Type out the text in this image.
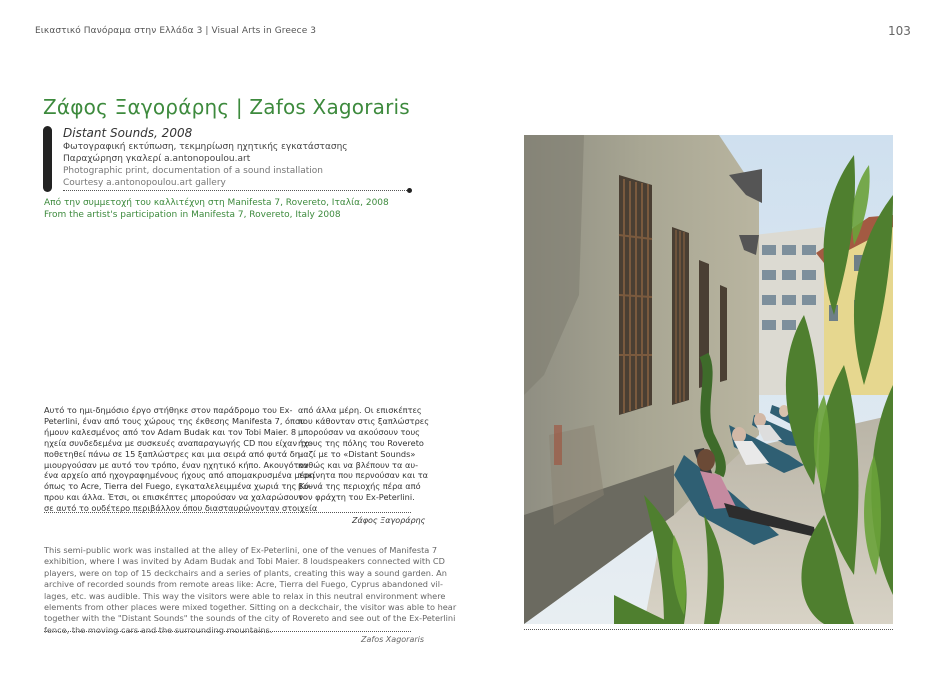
Εικαστικό Πανόραμα στην Ελλάδα 3 | Visual Arts in Greece 3	103
Ζάφος Ξαγοράρης | Zafos Xagoraris
Distant Sounds, 2008
Φωτογραφική εκτύπωση, τεκμηρίωση ηχητικής εγκατάστασης
Παραχώρηση γκαλερί a.antonopoulou.art
Photographic print, documentation of a sound installation
Courtesy a.antonopoulou.art gallery
Από την συμμετοχή του καλλιτέχνη στη Manifesta 7, Rovereto, Ιταλία, 2008
From the artist's participation in Manifesta 7, Rovereto, Italy 2008
Αυτό το ημι-δημόσιο έργο στήθηκε στον παράδρομο του Ex-
Peterlini, έναν από τους χώρους της έκθεσης Manifesta 7, όπου
ήμουν καλεσμένος από τον Adam Budak και τον Tobi Maier. 8
ηχεία συνδεδεμένα με συσκευές αναπαραγωγής CD που είχαν το-
ποθετηθεί πάνω σε 15 ξαπλώστρες και μια σειρά από φυτά δη-
μιουργούσαν με αυτό τον τρόπο, έναν ηχητικό κήπο. Ακουγόταν
ένα αρχείο από ηχογραφημένους ήχους από απομακρυσμένα μέρη
όπως το Acre, Tierra del Fuego, εγκαταλελειμμένα χωριά της Κύ-
πρου και άλλα. Έτσι, οι επισκέπτες μπορούσαν να χαλαρώσουν
σε αυτό το ουδέτερο περιβάλλον όπου διασταυρώνονταν στοιχεία
από άλλα μέρη. Οι επισκέπτες
που κάθονταν στις ξαπλώστρες
μπορούσαν να ακούσουν τους
ήχους της πόλης του Rovereto
μαζί με το «Distant Sounds»
καθώς και να βλέπουν τα αυ-
τοκίνητα που περνούσαν και τα
βουνά της περιοχής πέρα από
τον φράχτη του Ex-Peterlini.
Ζάφος Ξαγοράρης
This semi-public work was installed at the alley of Ex-Peterlini, one of the venues of Manifesta 7
exhibition, where I was invited by Adam Budak and Tobi Maier. 8 loudspeakers connected with CD
players, were on top of 15 deckchairs and a series of plants, creating this way a sound garden. An
archive of recorded sounds from remote areas like: Acre, Tierra del Fuego, Cyprus abandoned vil-
lages, etc. was audible. This way the visitors were able to relax in this neutral environment where
elements from other places were mixed together. Sitting on a deckchair, the visitor was able to hear
together with the "Distant Sounds" the sounds of the city of Rovereto and see out of the Ex-Peterlini
fence, the moving cars and the surrounding mountains.
Zafos Xagoraris
